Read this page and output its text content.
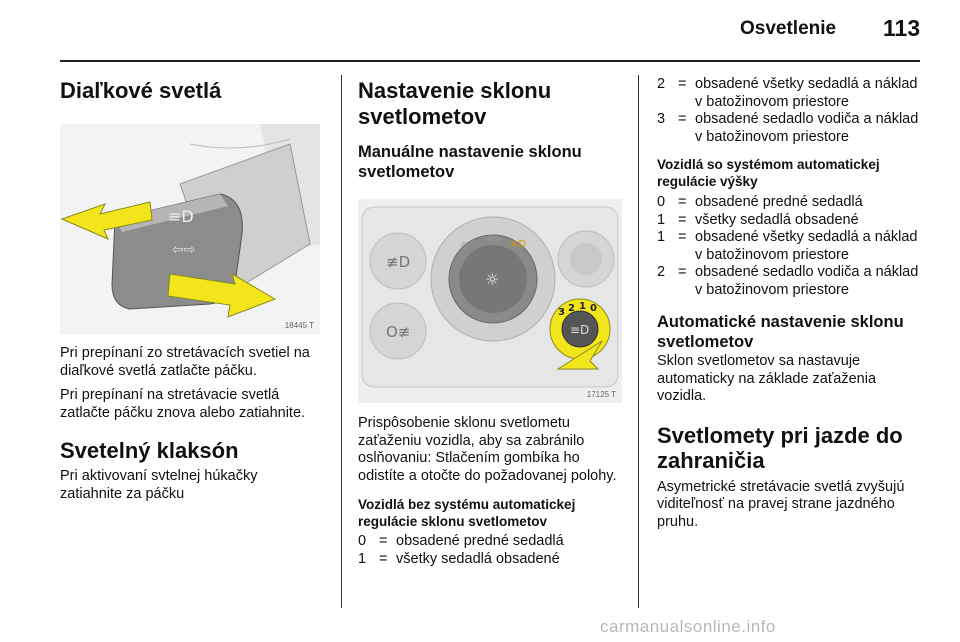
Osvetlenie 113
Diaľkové svetlá
≡D
⇦⇨
18445 T

Pri prepínaní zo stretávacích svetiel na diaľkové svetlá zatlačte páčku.

Pri prepínaní na stretávacie svetlá zatlačte páčku znova alebo zatiahnite.

Svetelný klaksón

Pri aktivovaní svtelnej húkačky zatiahnite za páčku

Nastavenie sklonu svetlometov
Manuálne nastavenie sklonu svetlometov
≢D
O≢
☼
0
-oo-
≡D
≡D
3 2 1 0
17125 T

Prispôsobenie sklonu svetlometu zaťaženiu vozidla, aby sa zabránilo oslňovaniu: Stlačením gombíka ho odistíte a otočte do požadovanej polohy.

Vozidlá bez systému automatickej regulácie sklonu svetlometov
0 = obsadené predné sedadlá
1 = všetky sedadlá obsadené
2 = obsadené všetky sedadlá a náklad v batožinovom priestore
3 = obsadené sedadlo vodiča a náklad v batožinovom priestore
Vozidlá so systémom automatickej regulácie výšky
0 = obsadené predné sedadlá
1 = všetky sedadlá obsadené
1 = obsadené všetky sedadlá a náklad v batožinovom priestore
2 = obsadené sedadlo vodiča a náklad v batožinovom priestore
Automatické nastavenie sklonu svetlometov

Sklon svetlometov sa nastavuje automaticky na základe zaťaženia vozidla.

Svetlomety pri jazde do zahraničia

Asymetrické stretávacie svetlá zvyšujú viditeľnosť na pravej strane jazdného pruhu.

carmanualsonline.info
